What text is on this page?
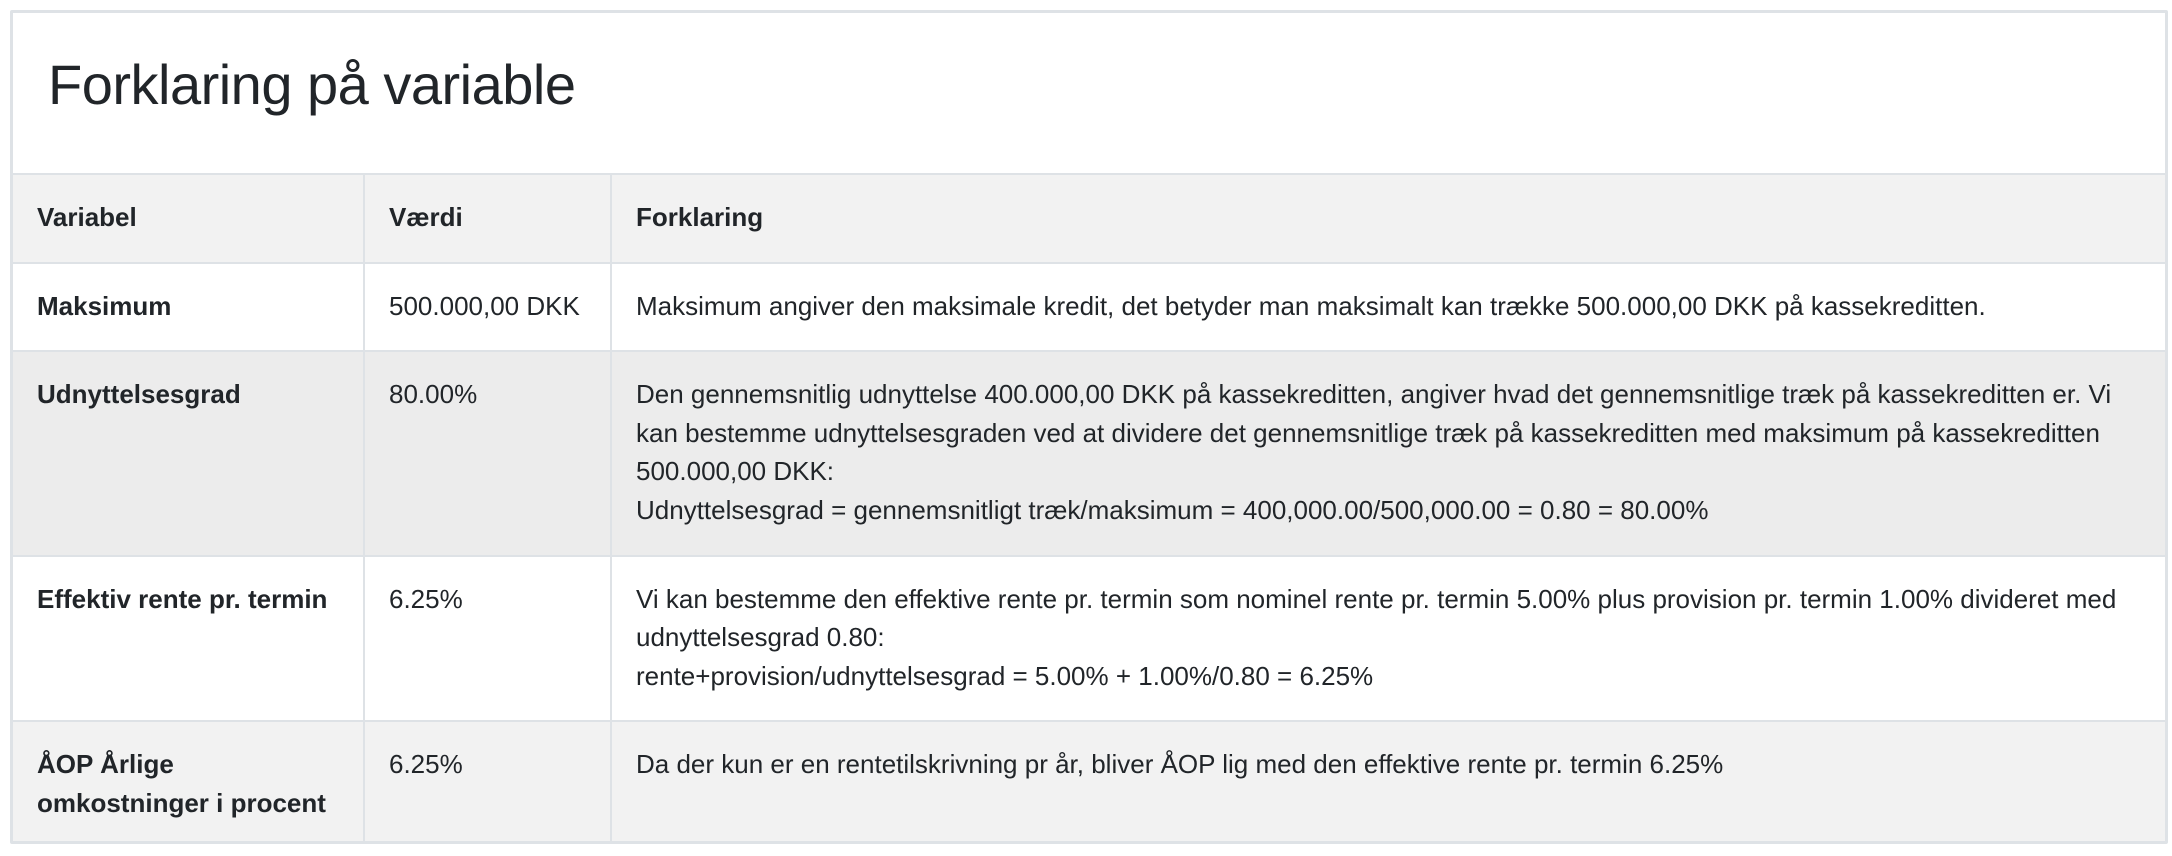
Forklaring på variable
Variabel	Værdi	Forklaring
Maksimum	500.000,00 DKK	Maksimum angiver den maksimale kredit, det betyder man maksimalt kan trække 500.000,00 DKK på kassekreditten.

Udnyttelsesgrad	80.00%	Den gennemsnitlig udnyttelse 400.000,00 DKK på kassekreditten, angiver hvad det gennemsnitlige træk på kassekreditten er. Vi kan bestemme udnyttelsesgraden ved at dividere det gennemsnitlige træk på kassekreditten med maksimum på kassekreditten 500.000,00 DKK:
Udnyttelsesgrad = gennemsnitligt træk/maksimum = 400,000.00/500,000.00 = 0.80 = 80.00%

Effektiv rente pr. termin	6.25%	Vi kan bestemme den effektive rente pr. termin som nominel rente pr. termin 5.00% plus provision pr. termin 1.00% divideret med udnyttelsesgrad 0.80:
rente+provision/udnyttelsesgrad = 5.00% + 1.00%/0.80 = 6.25%

ÅOP Årlige omkostninger i procent	6.25%	Da der kun er en rentetilskrivning pr år, bliver ÅOP lig med den effektive rente pr. termin 6.25%
